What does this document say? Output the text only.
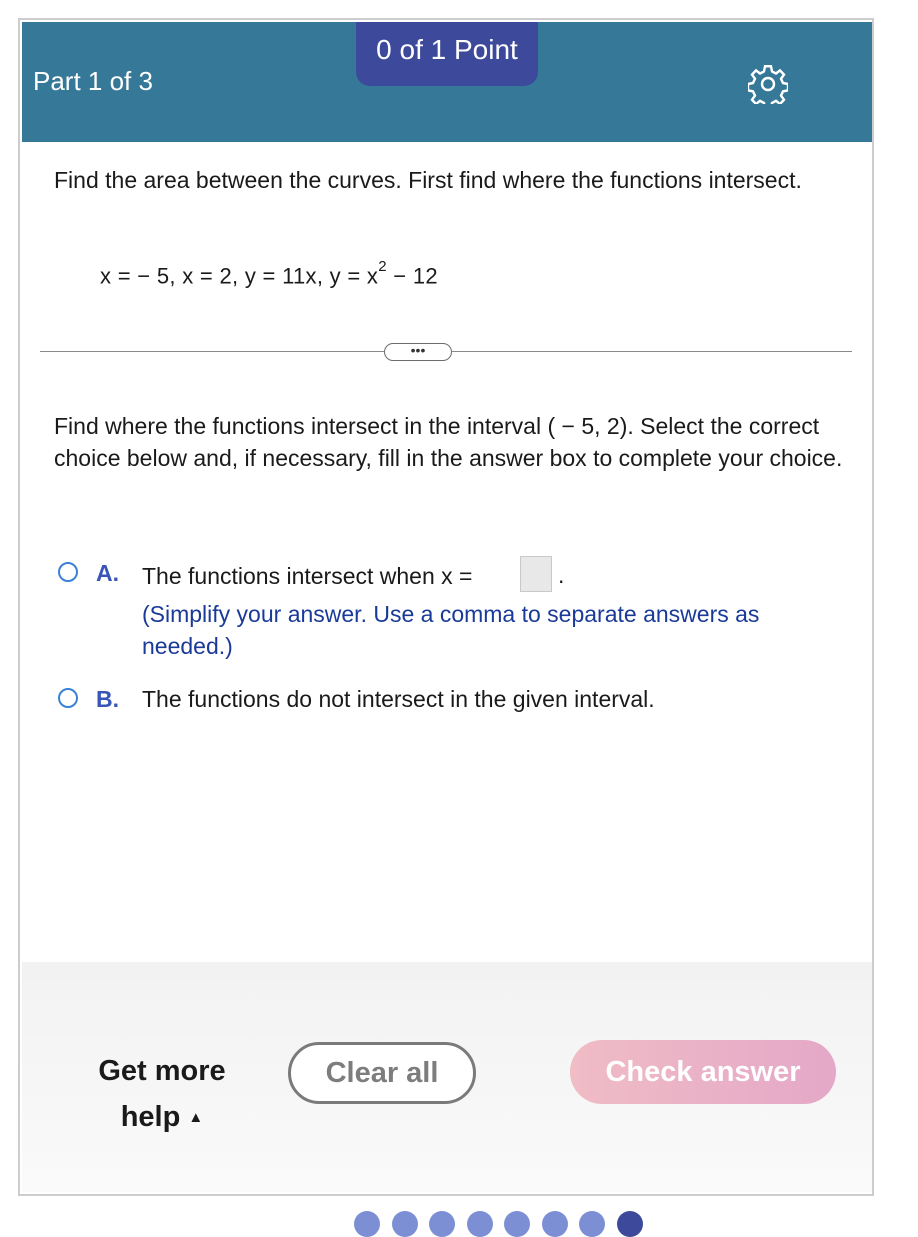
Part 1 of 3
0 of 1 Point
Find the area between the curves. First find where the functions intersect.
x = − 5, x = 2, y = 11x, $y = x^2 - 12$
•••
Find where the functions intersect in the interval ( − 5, 2). Select the correct choice below and, if necessary, fill in the answer box to complete your choice.
A. The functions intersect when x =	.
(Simplify your answer. Use a comma to separate answers as needed.)
B. The functions do not intersect in the given interval.
Get more
help ▲
Clear all	Check answer
